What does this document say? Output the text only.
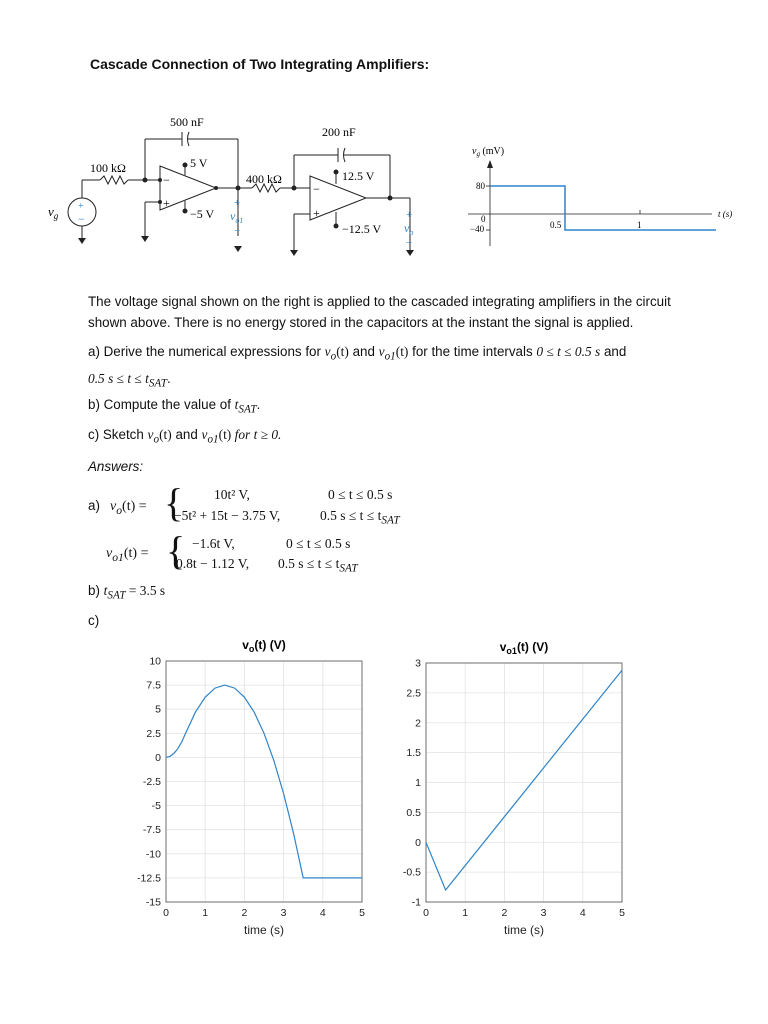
Cascade Connection of Two Integrating Amplifiers:
500 nF
200 nF
100 kΩ
400 kΩ
5 V
−5 V
12.5 V
−12.5 V
+
−
−
+
−
+
$v_g$
+
$v_{o1}$
−
+
$v_o$
−
$v_g$ (mV)
t (s)
80
0
−40	0.5	1
The voltage signal shown on the right is applied to the cascaded integrating amplifiers in the circuit shown above. There is no energy stored in the capacitors at the instant the signal is applied.
a) Derive the numerical expressions for $v_o(t)$ and $v_{o1}(t)$ for the time intervals 0 ≤ t ≤ 0.5 s and
0.5 $s \le t \le t_{SAT}$.
b) Compute the value of $t_{SAT}$.
c) Sketch $v_o(t)$ and $v_{o1}(t)$ for t ≥ 0.
Answers:
a) $v_o(t)$ = { 10t² V,	0 ≤ t ≤ 0.5 s
−5t² + 15t − 3.75 V,	0.5 $s \le t \le t_{SAT}$
$v_{o1}(t)$ = { −1.6t V,	0 ≤ t ≤ 0.5 s
0.8t − 1.12 V, 0.5 $s \le t \le t_{SAT}$
b) $t_{SAT} = 3.5$ s
c)
0	1	2	3	4	5
10
7.5
5
2.5
0
-2.5
-5
-7.5
-10
-12.5
-15
$v_o(t)$ (V)
time (s)
0	1	2	3	4	5
3
2.5
2
1.5
1
0.5
0
-0.5
-1
$v_{o1}(t)$ (V)
time (s)
